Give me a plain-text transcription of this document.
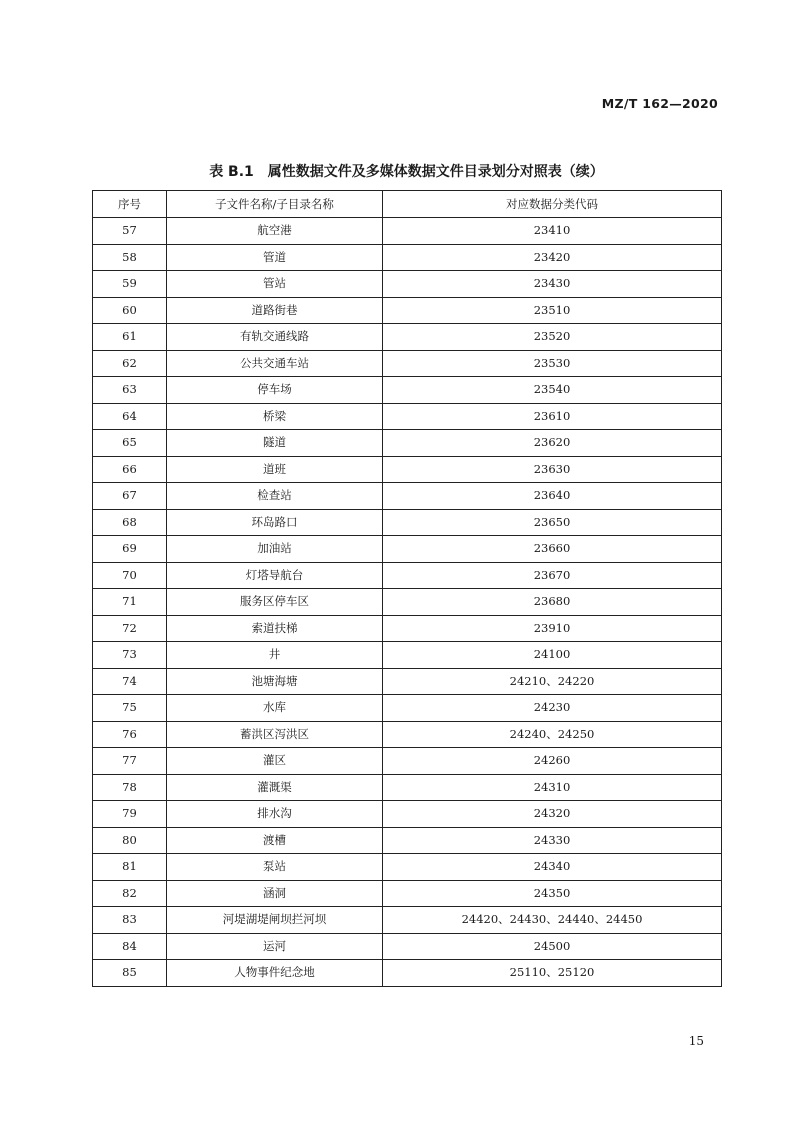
MZ/T 162—2020
表 B.1　属性数据文件及多媒体数据文件目录划分对照表（续）
序号	子文件名称/子目录名称	对应数据分类代码
57	航空港	23410
58	管道	23420
59	管站	23430
60	道路街巷	23510
61	有轨交通线路	23520
62	公共交通车站	23530
63	停车场	23540
64	桥梁	23610
65	隧道	23620
66	道班	23630
67	检查站	23640
68	环岛路口	23650
69	加油站	23660
70	灯塔导航台	23670
71	服务区停车区	23680
72	索道扶梯	23910
73	井	24100
74	池塘海塘	24210、24220
75	水库	24230
76	蓄洪区泻洪区	24240、24250
77	灌区	24260
78	灌溉渠	24310
79	排水沟	24320
80	渡槽	24330
81	泵站	24340
82	涵洞	24350
83	河堤湖堤闸坝拦河坝	24420、24430、24440、24450
84	运河	24500
85	人物事件纪念地	25110、25120
15
